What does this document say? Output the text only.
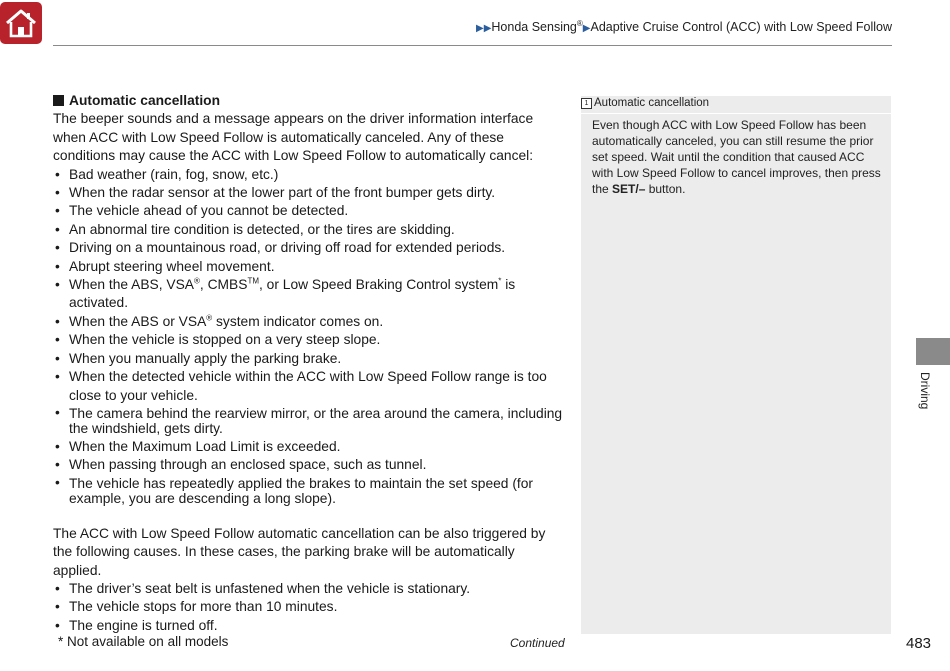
▶▶Honda Sensing®▶Adaptive Cruise Control (ACC) with Low Speed Follow
Automatic cancellation

The beeper sounds and a message appears on the driver information interface when ACC with Low Speed Follow is automatically canceled. Any of these conditions may cause the ACC with Low Speed Follow to automatically cancel:

• Bad weather (rain, fog, snow, etc.)
• When the radar sensor at the lower part of the front bumper gets dirty.
• The vehicle ahead of you cannot be detected.
• An abnormal tire condition is detected, or the tires are skidding.
• Driving on a mountainous road, or driving off road for extended periods.
• Abrupt steering wheel movement.
• When the ABS, VSA®, CMBS™, or Low Speed Braking Control system* is activated.
• When the ABS or VSA® system indicator comes on.
• When the vehicle is stopped on a very steep slope.
• When you manually apply the parking brake.
• When the detected vehicle within the ACC with Low Speed Follow range is too close to your vehicle.
• The camera behind the rearview mirror, or the area around the camera, including the windshield, gets dirty.
• When the Maximum Load Limit is exceeded.
• When passing through an enclosed space, such as tunnel.
• The vehicle has repeatedly applied the brakes to maintain the set speed (for example, you are descending a long slope).

The ACC with Low Speed Follow automatic cancellation can be also triggered by the following causes. In these cases, the parking brake will be automatically applied.

• The driver’s seat belt is unfastened when the vehicle is stationary.
• The vehicle stops for more than 10 minutes.
• The engine is turned off.
1 Automatic cancellation
Even though ACC with Low Speed Follow has been automatically canceled, you can still resume the prior set speed. Wait until the condition that caused ACC with Low Speed Follow to cancel improves, then press the SET/– button.
Driving
* Not available on all models	Continued	483
